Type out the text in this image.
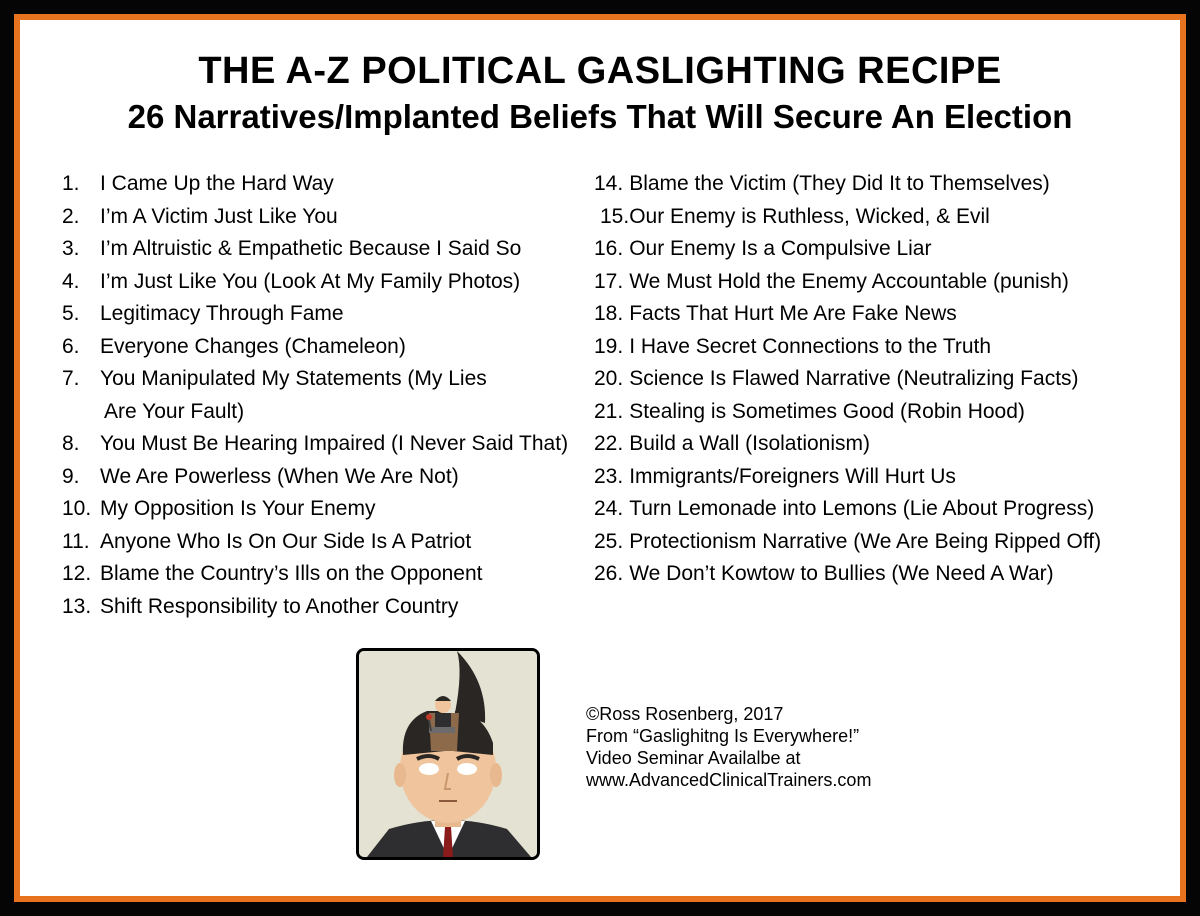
THE A-Z POLITICAL GASLIGHTING RECIPE
26 Narratives/Implanted Beliefs That Will Secure An Election
1. I Came Up the Hard Way
2. I’m A Victim Just Like You
3. I’m Altruistic & Empathetic Because I Said So
4. I’m Just Like You (Look At My Family Photos)
5. Legitimacy Through Fame
6. Everyone Changes (Chameleon)
7. You Manipulated My Statements (My Lies
Are Your Fault)
8. You Must Be Hearing Impaired (I Never Said That)
9. We Are Powerless (When We Are Not)
10. My Opposition Is Your Enemy
11. Anyone Who Is On Our Side Is A Patriot
12. Blame the Country’s Ills on the Opponent
13. Shift Responsibility to Another Country
14. Blame the Victim (They Did It to Themselves)
15.Our Enemy is Ruthless, Wicked, & Evil
16. Our Enemy Is a Compulsive Liar
17. We Must Hold the Enemy Accountable (punish)
18. Facts That Hurt Me Are Fake News
19. I Have Secret Connections to the Truth
20. Science Is Flawed Narrative (Neutralizing Facts)
21. Stealing is Sometimes Good (Robin Hood)
22. Build a Wall (Isolationism)
23. Immigrants/Foreigners Will Hurt Us
24. Turn Lemonade into Lemons (Lie About Progress)
25. Protectionism Narrative (We Are Being Ripped Off)
26. We Don’t Kowtow to Bullies (We Need A War)
©Ross Rosenberg, 2017
From “Gaslighitng Is Everywhere!”
Video Seminar Availalbe at
www.AdvancedClinicalTrainers.com
